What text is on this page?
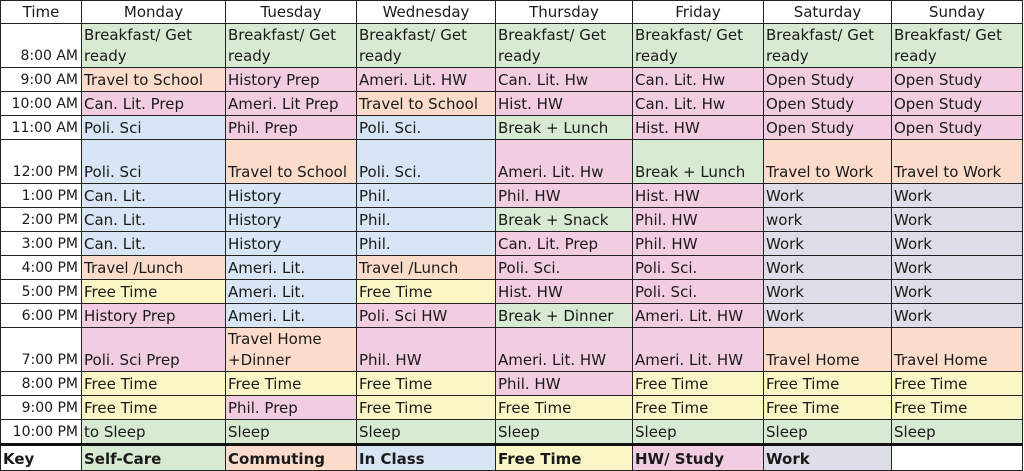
Time	Monday	Tuesday	Wednesday	Thursday	Friday	Saturday	Sunday
8:00 AM	Breakfast/ Get ready	Breakfast/ Get ready	Breakfast/ Get ready	Breakfast/ Get ready	Breakfast/ Get ready	Breakfast/ Get ready	Breakfast/ Get ready
9:00 AM	Travel to School	History Prep	Ameri. Lit. HW	Can. Lit. Hw	Can. Lit. Hw	Open Study	Open Study
10:00 AM	Can. Lit. Prep	Ameri. Lit Prep	Travel to School	Hist. HW	Can. Lit. Hw	Open Study	Open Study
11:00 AM	Poli. Sci	Phil. Prep	Poli. Sci.	Break + Lunch	Hist. HW	Open Study	Open Study
12:00 PM	Poli. Sci	Travel to School	Poli. Sci.	Ameri. Lit. Hw	Break + Lunch	Travel to Work	Travel to Work
1:00 PM	Can. Lit.	History	Phil.	Phil. HW	Hist. HW	Work	Work
2:00 PM	Can. Lit.	History	Phil.	Break + Snack	Phil. HW	work	Work
3:00 PM	Can. Lit.	History	Phil.	Can. Lit. Prep	Phil. HW	Work	Work
4:00 PM	Travel /Lunch	Ameri. Lit.	Travel /Lunch	Poli. Sci.	Poli. Sci.	Work	Work
5:00 PM	Free Time	Ameri. Lit.	Free Time	Hist. HW	Poli. Sci.	Work	Work
6:00 PM	History Prep	Ameri. Lit.	Poli. Sci HW	Break + Dinner	Ameri. Lit. HW	Work	Work
7:00 PM	Poli. Sci Prep	Travel Home +Dinner	Phil. HW	Ameri. Lit. HW	Ameri. Lit. HW	Travel Home	Travel Home
8:00 PM	Free Time	Free Time	Free Time	Phil. HW	Free Time	Free Time	Free Time
9:00 PM	Free Time	Phil. Prep	Free Time	Free Time	Free Time	Free Time	Free Time
10:00 PM	to Sleep	Sleep	Sleep	Sleep	Sleep	Sleep	Sleep
Key	Self-Care	Commuting	In Class	Free Time	HW/ Study	Work	
